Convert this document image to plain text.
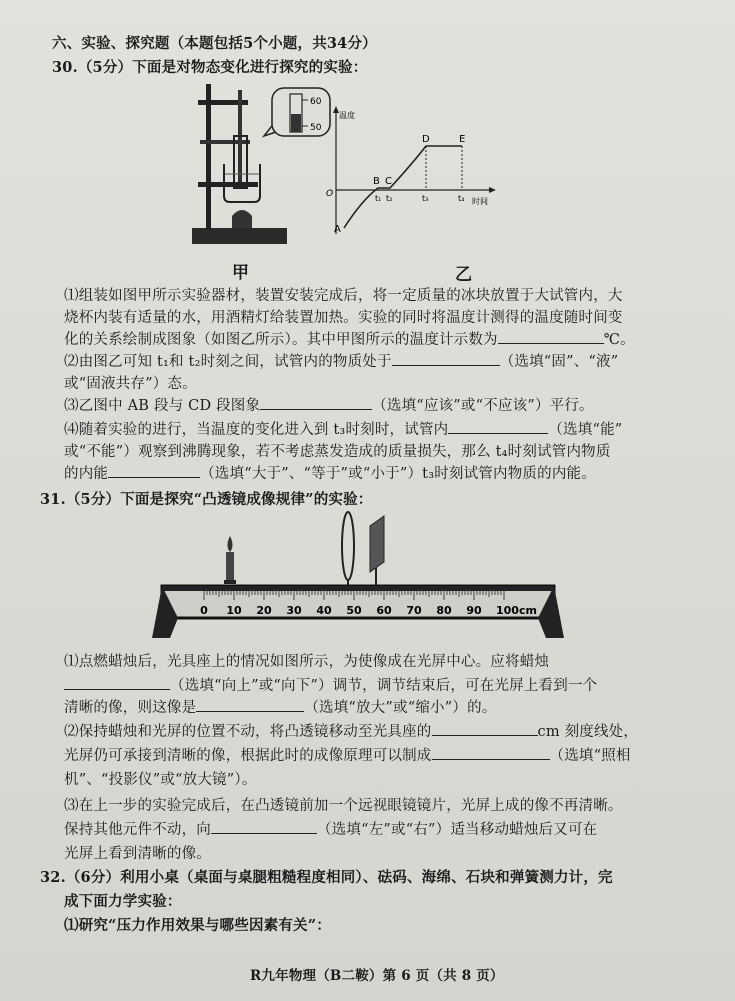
六、实验、探究题（本题包括5个小题，共34分）
30.（5分）下面是对物态变化进行探究的实验：
60
50
甲
温度
时间
O
A
B C
D	E
t₁ t₂	t₃	t₄
乙
⑴组装如图甲所示实验器材，装置安装完成后，将一定质量的冰块放置于大试管内，大
烧杯内装有适量的水，用酒精灯给装置加热。实验的同时将温度计测得的温度随时间变
化的关系绘制成图象（如图乙所示）。其中甲图所示的温度计示数为	℃。
⑵由图乙可知 t₁和 t₂时刻之间，试管内的物质处于	（选填“固”、“液”
或“固液共存”）态。
⑶乙图中 AB 段与 CD 段图象	（选填“应该”或“不应该”）平行。
⑷随着实验的进行，当温度的变化进入到 t₃时刻时，试管内	（选填“能”
或“不能”）观察到沸腾现象，若不考虑蒸发造成的质量损失，那么 t₄时刻试管内物质
的内能	（选填“大于”、“等于”或“小于”）t₃时刻试管内物质的内能。
31.（5分）下面是探究“凸透镜成像规律”的实验：
0 10 20 30 40 50 60 70 80 90 100cm
⑴点燃蜡烛后，光具座上的情况如图所示，为使像成在光屏中心。应将蜡烛
（选填“向上”或“向下”）调节，调节结束后，可在光屏上看到一个
清晰的像，则这像是	（选填“放大”或“缩小”）的。
⑵保持蜡烛和光屏的位置不动，将凸透镜移动至光具座的	cm 刻度线处，
光屏仍可承接到清晰的像，根据此时的成像原理可以制成	（选填“照相
机”、“投影仪”或“放大镜”）。
⑶在上一步的实验完成后，在凸透镜前加一个远视眼镜镜片，光屏上成的像不再清晰。
保持其他元件不动，向	（选填“左”或“右”）适当移动蜡烛后又可在
光屏上看到清晰的像。
32.（6分）利用小桌（桌面与桌腿粗糙程度相同）、砝码、海绵、石块和弹簧测力计，完
成下面力学实验：
⑴研究“压力作用效果与哪些因素有关”：
R九年物理（B二鞍）第 6 页（共 8 页）
